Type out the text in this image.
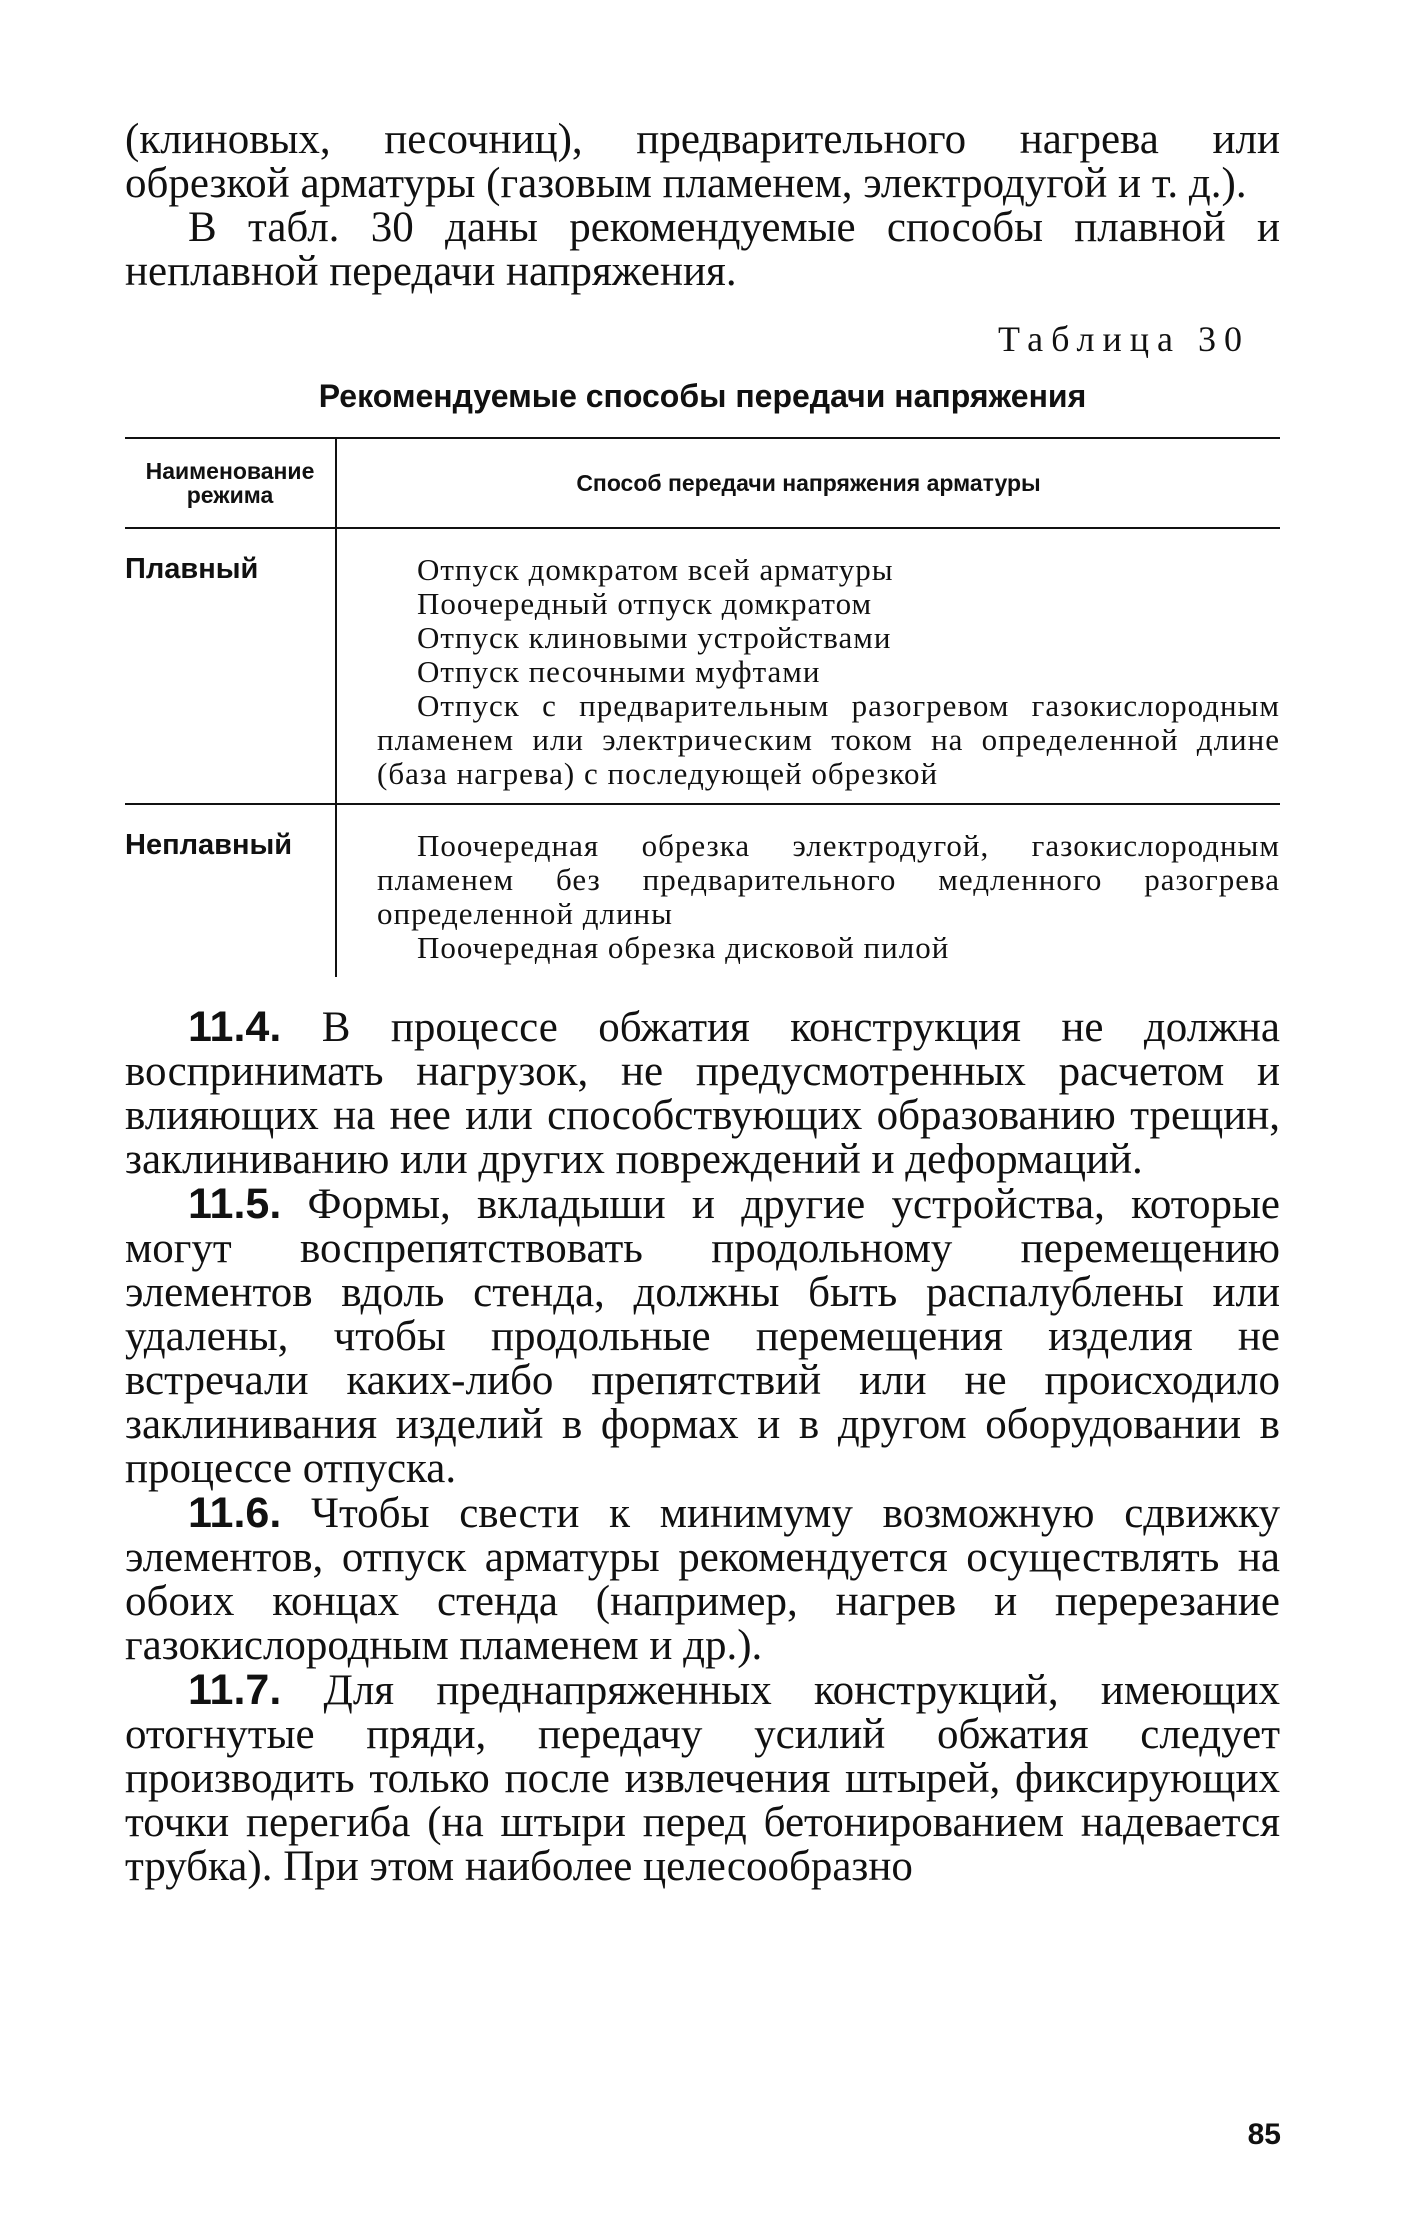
(клиновых, песочниц), предварительного нагрева или обрезкой арматуры (газовым пламенем, электродугой и т. д.).

В табл. 30 даны рекомендуемые способы плавной и неплавной передачи напряжения.

Таблица 30
Рекомендуемые способы передачи напряжения
Наименование режима	Способ передачи напряжения арматуры
Плавный	Отпуск домкратом всей арматуры
Поочередный отпуск домкратом
Отпуск клиновыми устройствами
Отпуск песочными муфтами
Отпуск с предварительным разогревом газокислородным пламенем или электрическим током на определенной длине (база нагрева) с последующей обрезкой

Неплавный	Поочередная обрезка электродугой, газокислородным пламенем без предварительного медленного разогрева определенной длины
Поочередная обрезка дисковой пилой

11.4. В процессе обжатия конструкция не должна воспринимать нагрузок, не предусмотренных расчетом и влияющих на нее или способствующих образованию трещин, заклиниванию или других повреждений и деформаций.

11.5. Формы, вкладыши и другие устройства, которые могут воспрепятствовать продольному перемещению элементов вдоль стенда, должны быть распалублены или удалены, чтобы продольные перемещения изделия не встречали каких-либо препятствий или не происходило заклинивания изделий в формах и в другом оборудовании в процессе отпуска.

11.6. Чтобы свести к минимуму возможную сдвижку элементов, отпуск арматуры рекомендуется осуществлять на обоих концах стенда (например, нагрев и перерезание газокислородным пламенем и др.).

11.7. Для преднапряженных конструкций, имеющих отогнутые пряди, передачу усилий обжатия следует производить только после извлечения штырей, фиксирующих точки перегиба (на штыри перед бетонированием надевается трубка). При этом наиболее целесообразно

85
